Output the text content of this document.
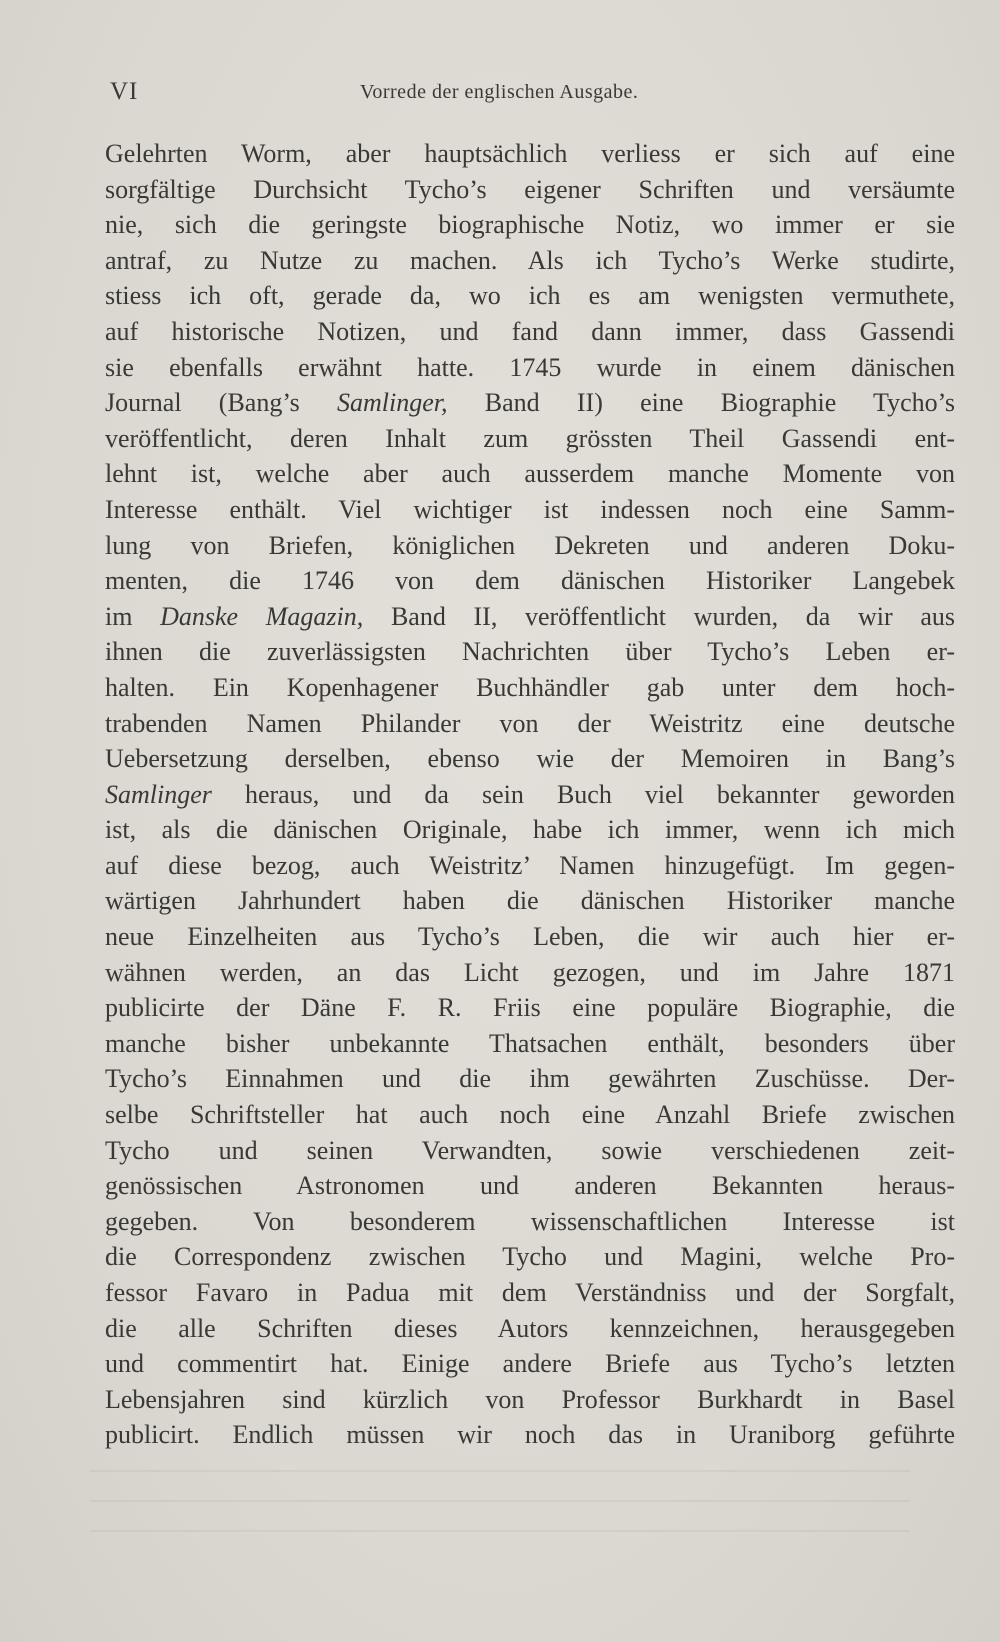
VI	Vorrede der englischen Ausgabe.
Gelehrten Worm, aber hauptsächlich verliess er sich auf eine
sorgfältige Durchsicht Tycho’s eigener Schriften und versäumte
nie, sich die geringste biographische Notiz, wo immer er sie
antraf, zu Nutze zu machen. Als ich Tycho’s Werke studirte,
stiess ich oft, gerade da, wo ich es am wenigsten vermuthete,
auf historische Notizen, und fand dann immer, dass Gassendi
sie ebenfalls erwähnt hatte. 1745 wurde in einem dänischen
Journal (Bang’s Samlinger, Band II) eine Biographie Tycho’s
veröffentlicht, deren Inhalt zum grössten Theil Gassendi ent-
lehnt ist, welche aber auch ausserdem manche Momente von
Interesse enthält. Viel wichtiger ist indessen noch eine Samm-
lung von Briefen, königlichen Dekreten und anderen Doku-
menten, die 1746 von dem dänischen Historiker Langebek
im Danske Magazin, Band II, veröffentlicht wurden, da wir aus
ihnen die zuverlässigsten Nachrichten über Tycho’s Leben er-
halten. Ein Kopenhagener Buchhändler gab unter dem hoch-
trabenden Namen Philander von der Weistritz eine deutsche
Uebersetzung derselben, ebenso wie der Memoiren in Bang’s
Samlinger heraus, und da sein Buch viel bekannter geworden
ist, als die dänischen Originale, habe ich immer, wenn ich mich
auf diese bezog, auch Weistritz’ Namen hinzugefügt. Im gegen-
wärtigen Jahrhundert haben die dänischen Historiker manche
neue Einzelheiten aus Tycho’s Leben, die wir auch hier er-
wähnen werden, an das Licht gezogen, und im Jahre 1871
publicirte der Däne F. R. Friis eine populäre Biographie, die
manche bisher unbekannte Thatsachen enthält, besonders über
Tycho’s Einnahmen und die ihm gewährten Zuschüsse. Der-
selbe Schriftsteller hat auch noch eine Anzahl Briefe zwischen
Tycho und seinen Verwandten, sowie verschiedenen zeit-
genössischen Astronomen und anderen Bekannten heraus-
gegeben. Von besonderem wissenschaftlichen Interesse ist
die Correspondenz zwischen Tycho und Magini, welche Pro-
fessor Favaro in Padua mit dem Verständniss und der Sorgfalt,
die alle Schriften dieses Autors kennzeichnen, herausgegeben
und commentirt hat. Einige andere Briefe aus Tycho’s letzten
Lebensjahren sind kürzlich von Professor Burkhardt in Basel
publicirt. Endlich müssen wir noch das in Uraniborg geführte
